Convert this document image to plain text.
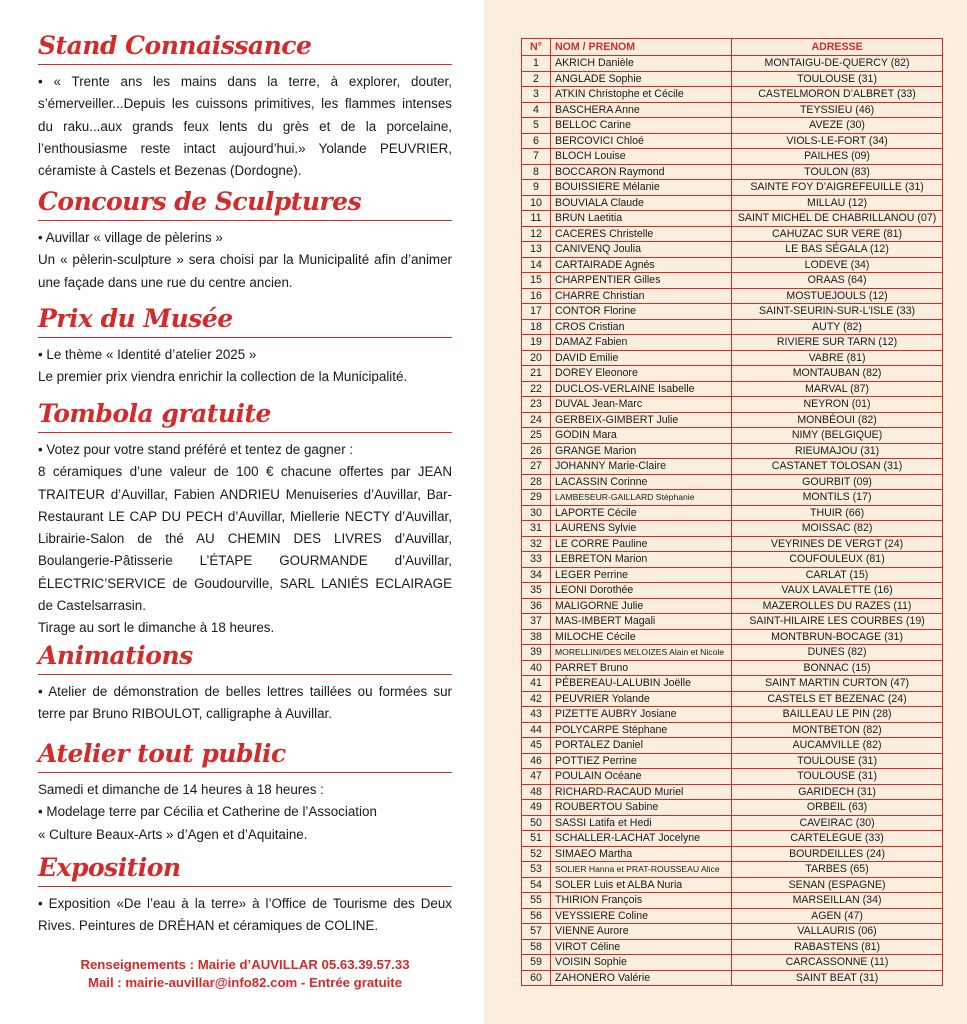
Stand Connaissance

• « Trente ans les mains dans la terre, à explorer, douter, s’émerveiller...Depuis les cuissons primitives, les flammes intenses du raku...aux grands feux lents du grès et de la porcelaine, l’enthousiasme reste intact aujourd’hui.» Yolande PEUVRIER, céramiste à Castels et Bezenas (Dordogne).

Concours de Sculptures

• Auvillar « village de pèlerins »

Un « pèlerin-sculpture » sera choisi par la Municipalité afin d’animer une façade dans une rue du centre ancien.

Prix du Musée

• Le thème « Identité d’atelier 2025 »

Le premier prix viendra enrichir la collection de la Municipalité.

Tombola gratuite

• Votez pour votre stand préféré et tentez de gagner :

8 céramiques d’une valeur de 100 € chacune offertes par JEAN TRAITEUR d’Auvillar, Fabien ANDRIEU Menuiseries d’Auvillar, Bar-Restaurant LE CAP DU PECH d’Auvillar, Miellerie NECTY d’Auvillar, Librairie-Salon de thé AU CHEMIN DES LIVRES d’Auvillar, Boulangerie-Pâtisserie L’ÉTAPE GOURMANDE d’Auvillar, ÉLECTRIC’SERVICE de Goudourville, SARL LANIÉS ECLAIRAGE de Castelsarrasin.

Tirage au sort le dimanche à 18 heures.

Animations

• Atelier de démonstration de belles lettres taillées ou formées sur terre par Bruno RIBOULOT, calligraphe à Auvillar.

Atelier tout public

Samedi et dimanche de 14 heures à 18 heures :

• Modelage terre par Cécilia et Catherine de l’Association

« Culture Beaux-Arts » d’Agen et d’Aquitaine.

Exposition

• Exposition «De l’eau à la terre» à l’Office de Tourisme des Deux Rives. Peintures de DRÉHAN et céramiques de COLINE.

Renseignements : Mairie d’AUVILLAR 05.63.39.57.33
Mail : mairie-auvillar@info82.com - Entrée gratuite
N°	NOM / PRENOM	ADRESSE
1	AKRICH Danièle	MONTAIGU-DE-QUERCY (82)
2	ANGLADE Sophie	TOULOUSE (31)
3	ATKIN Christophe et Cécile	CASTELMORON D’ALBRET (33)
4	BASCHERA Anne	TEYSSIEU (46)
5	BELLOC Carine	AVEZE (30)
6	BERCOVICI Chloé	VIOLS-LE-FORT (34)
7	BLOCH Louise	PAILHES (09)
8	BOCCARON Raymond	TOULON (83)
9	BOUISSIERE Mélanie	SAINTE FOY D’AIGREFEUILLE (31)
10	BOUVIALA Claude	MILLAU (12)
11	BRUN Laetitia	SAINT MICHEL DE CHABRILLANOU (07)
12	CACERES Christelle	CAHUZAC SUR VERE (81)
13	CANIVENQ Joulia	LE BAS SÉGALA (12)
14	CARTAIRADE Agnés	LODEVE (34)
15	CHARPENTIER Gilles	ORAAS (64)
16	CHARRE Christian	MOSTUEJOULS (12)
17	CONTOR Florine	SAINT-SEURIN-SUR-L’ISLE (33)
18	CROS Cristian	AUTY (82)
19	DAMAZ Fabien	RIVIERE SUR TARN (12)
20	DAVID Emilie	VABRE (81)
21	DOREY Eleonore	MONTAUBAN (82)
22	DUCLOS-VERLAINE Isabelle	MARVAL (87)
23	DUVAL Jean-Marc	NEYRON (01)
24	GERBEIX-GIMBERT Julie	MONBÉOUI (82)
25	GODIN Mara	NIMY (BELGIQUE)
26	GRANGE Marion	RIEUMAJOU (31)
27	JOHANNY Marie-Claire	CASTANET TOLOSAN (31)
28	LACASSIN Corinne	GOURBIT (09)
29	LAMBESEUR-GAILLARD Stéphanie	MONTILS (17)
30	LAPORTE Cécile	THUIR (66)
31	LAURENS Sylvie	MOISSAC (82)
32	LE CORRE Pauline	VEYRINES DE VERGT (24)
33	LEBRETON Marion	COUFOULEUX (81)
34	LEGER Perrine	CARLAT (15)
35	LEONI Dorothée	VAUX LAVALETTE (16)
36	MALIGORNE Julie	MAZEROLLES DU RAZES (11)
37	MAS-IMBERT Magali	SAINT-HILAIRE LES COURBES (19)
38	MILOCHE Cécile	MONTBRUN-BOCAGE (31)
39	MORELLINI/DES MELOIZES Alain et Nicole	DUNES (82)
40	PARRET Bruno	BONNAC (15)
41	PÉBEREAU-LALUBIN Joëlle	SAINT MARTIN CURTON (47)
42	PEUVRIER Yolande	CASTELS ET BEZENAC (24)
43	PIZETTE AUBRY Josiane	BAILLEAU LE PIN (28)
44	POLYCARPE Stéphane	MONTBETON (82)
45	PORTALEZ Daniel	AUCAMVILLE (82)
46	POTTIEZ Perrine	TOULOUSE (31)
47	POULAIN Océane	TOULOUSE (31)
48	RICHARD-RACAUD Muriel	GARIDECH (31)
49	ROUBERTOU Sabine	ORBEIL (63)
50	SASSI Latifa et Hedi	CAVEIRAC (30)
51	SCHALLER-LACHAT Jocelyne	CARTELEGUE (33)
52	SIMAEO Martha	BOURDEILLES (24)
53	SOLIER Hanna et PRAT-ROUSSEAU Alice	TARBES (65)
54	SOLER Luis et ALBA Nuria	SENAN (ESPAGNE)
55	THIRION François	MARSEILLAN (34)
56	VEYSSIERE Coline	AGEN (47)
57	VIENNE Aurore	VALLAURIS (06)
58	VIROT Céline	RABASTENS (81)
59	VOISIN Sophie	CARCASSONNE (11)
60	ZAHONERO Valérie	SAINT BEAT (31)
